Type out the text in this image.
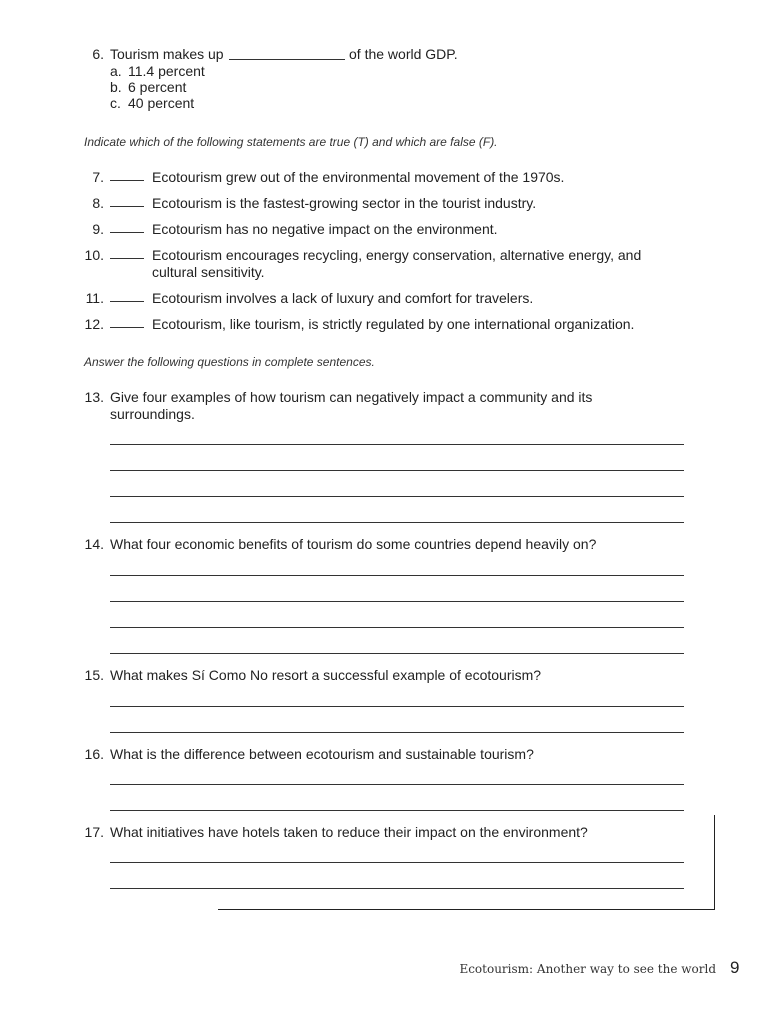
6. Tourism makes up	of the world GDP.
a. 11.4 percent
b. 6 percent
c. 40 percent
Indicate which of the following statements are true (T) and which are false (F).
7.	Ecotourism grew out of the environmental movement of the 1970s.
8.	Ecotourism is the fastest-growing sector in the tourist industry.
9.	Ecotourism has no negative impact on the environment.
10.	Ecotourism encourages recycling, energy conservation, alternative energy, and cultural sensitivity.
11.	Ecotourism involves a lack of luxury and comfort for travelers.
12.	Ecotourism, like tourism, is strictly regulated by one international organization.
Answer the following questions in complete sentences.
13. Give four examples of how tourism can negatively impact a community and its surroundings.
14. What four economic benefits of tourism do some countries depend heavily on?
15. What makes Sí Como No resort a successful example of ecotourism?
16. What is the difference between ecotourism and sustainable tourism?
17. What initiatives have hotels taken to reduce their impact on the environment?
Ecotourism: Another way to see the world 9
